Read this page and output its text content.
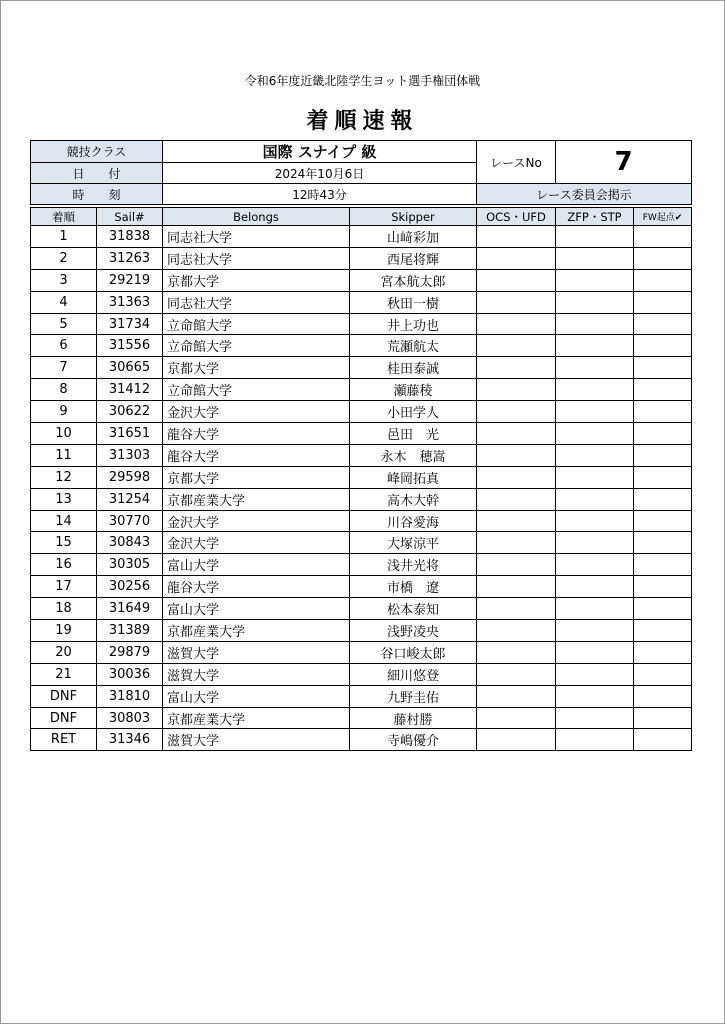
令和6年度近畿北陸学生ヨット選手権団体戦
着順速報
競技クラス	国際 スナイプ 級	レースNo	7
日　　付	2024年10月6日		
時　　刻	12時43分	レース委員会掲示	
着順	Sail#	Belongs	Skipper	OCS・UFD	ZFP・STP	FW起点✔
1	31838	同志社大学	山﨑彩加			
2	31263	同志社大学	西尾将輝			
3	29219	京都大学	宮本航太郎			
4	31363	同志社大学	秋田一樹			
5	31734	立命館大学	井上功也			
6	31556	立命館大学	荒瀬航太			
7	30665	京都大学	桂田泰誠			
8	31412	立命館大学	瀬藤稜			
9	30622	金沢大学	小田学人			
10	31651	龍谷大学	邑田　光			
11	31303	龍谷大学	永木　穂嵩			
12	29598	京都大学	峰岡拓真			
13	31254	京都産業大学	高木大幹			
14	30770	金沢大学	川谷愛海			
15	30843	金沢大学	大塚涼平			
16	30305	富山大学	浅井光将			
17	30256	龍谷大学	市橋　遼			
18	31649	富山大学	松本泰知			
19	31389	京都産業大学	浅野凌央			
20	29879	滋賀大学	谷口峻太郎			
21	30036	滋賀大学	細川悠登			
DNF	31810	富山大学	九野圭佑			
DNF	30803	京都産業大学	藤村勝			
RET	31346	滋賀大学	寺嶋優介			
